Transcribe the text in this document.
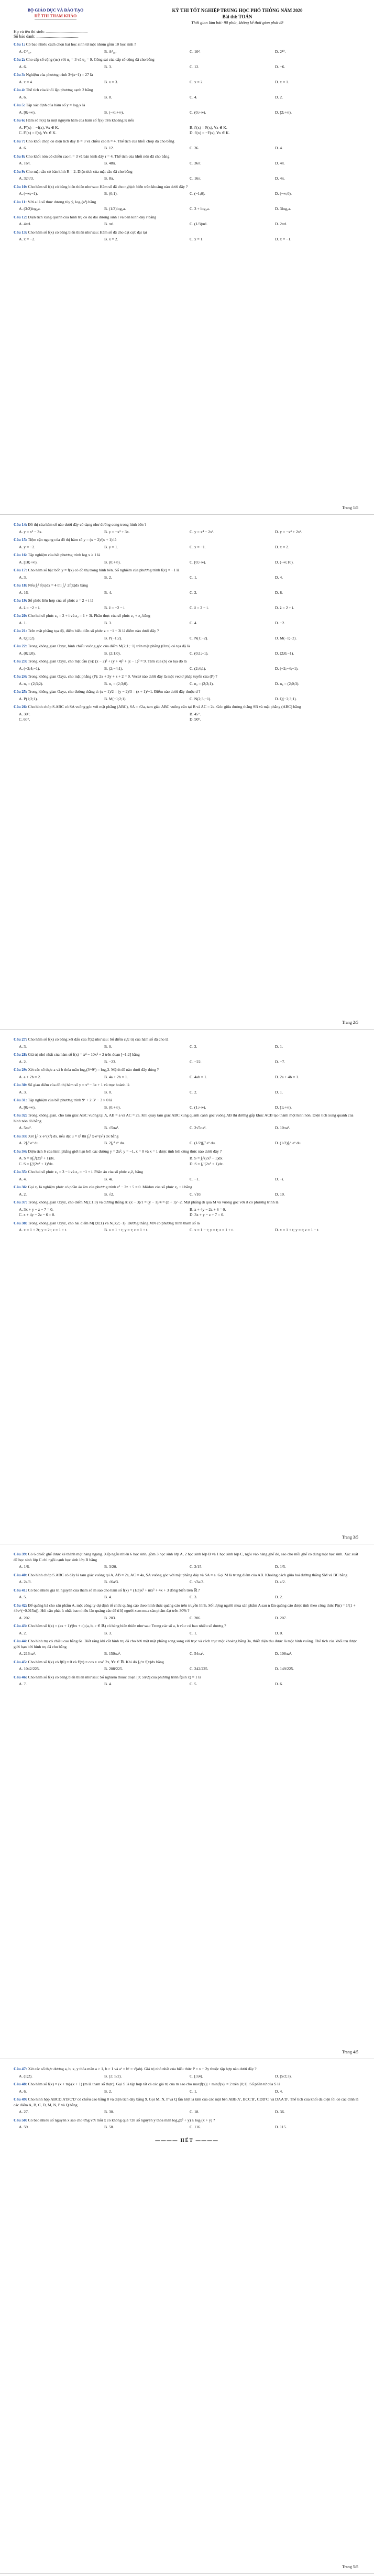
BỘ GIÁO DỤC VÀ ĐÀO TẠO
ĐỀ THI THAM KHẢO
KỲ THI TỐT NGHIỆP TRUNG HỌC PHỔ THÔNG NĂM 2020
Bài thi: TOÁN
Thời gian làm bài: 90 phút, không kể thời gian phát đề
Họ và tên thí sinh: ........................................
Số báo danh: ........................................
Câu 1: Có bao nhiêu cách chọn hai học sinh từ một nhóm gồm 10 học sinh ?
A. C²₁₀.	B. A²₁₀.	C. 10².	D. 2¹⁰.
Câu 2: Cho cấp số cộng (uₙ) với u₁ = 3 và u₂ = 9. Công sai của cấp số cộng đã cho bằng
A. 6.	B. 3.	C. 12.	D. −6.
Câu 3: Nghiệm của phương trình 3^(x−1) = 27 là
A. x = 4.	B. x = 3.	C. x = 2.	D. x = 1.
Câu 4: Thể tích của khối lập phương cạnh 2 bằng
A. 6.	B. 8.	C. 4.	D. 2.
Câu 5: Tập xác định của hàm số y = log₂x là
A. [0;+∞).	B. (−∞;+∞).	C. (0;+∞).	D. [2;+∞).
Câu 6: Hàm số F(x) là một nguyên hàm của hàm số f(x) trên khoảng K nếu
A. F'(x) = −f(x), ∀x ∈ K.	B. f'(x) = F(x), ∀x ∈ K.
C. F'(x) = f(x), ∀x ∈ K.	D. f'(x) = −F(x), ∀x ∈ K.
Câu 7: Cho khối chóp có diện tích đáy B = 3 và chiều cao h = 4. Thể tích của khối chóp đã cho bằng
A. 6.	B. 12.	C. 36.	D. 4.
Câu 8: Cho khối nón có chiều cao h = 3 và bán kính đáy r = 4. Thể tích của khối nón đã cho bằng
A. 16π.	B. 48π.	C. 36π.	D. 4π.
Câu 9: Cho mặt cầu có bán kính R = 2. Diện tích của mặt cầu đã cho bằng
A. 32π/3.	B. 8π.	C. 16π.	D. 4π.
Câu 10: Cho hàm số f(x) có bảng biến thiên như sau: Hàm số đã cho nghịch biến trên khoảng nào dưới đây ?
A. (−∞;−1).	B. (0;1).	C. (−1;0).	D. (−∞;0).
Câu 11: Với a là số thực dương tùy ý, log₂(a³) bằng
A. (3/2)log₂a.	B. (1/3)log₂a.	C. 3 + log₂a.	D. 3log₂a.
Câu 12: Diện tích xung quanh của hình trụ có độ dài đường sinh l và bán kính đáy r bằng
A. 4πrl.	B. πrl.	C. (1/3)πrl.	D. 2πrl.
Câu 13: Cho hàm số f(x) có bảng biến thiên như sau: Hàm số đã cho đạt cực đại tại
A. x = −2.	B. x = 2.	C. x = 1.	D. x = −1.
Trang 1/5
Câu 14: Đồ thị của hàm số nào dưới đây có dạng như đường cong trong hình bên ?
A. y = x³ − 3x.	B. y = −x³ + 3x.	C. y = x⁴ − 2x².	D. y = −x⁴ + 2x².
Câu 15: Tiệm cận ngang của đồ thị hàm số y = (x − 2)/(x + 1) là
A. y = −2.	B. y = 1.	C. x = −1.	D. x = 2.
Câu 16: Tập nghiệm của bất phương trình log x ≥ 1 là
A. [10;+∞).	B. (0;+∞).	C. [0;+∞).	D. (−∞;10).
Câu 17: Cho hàm số bậc bốn y = f(x) có đồ thị trong hình bên. Số nghiệm của phương trình f(x) = −1 là
A. 3.	B. 2.	C. 1.	D. 4.
Câu 18: Nếu ∫₀¹ f(x)dx = 4 thì ∫₀¹ 2f(x)dx bằng
A. 16.	B. 4.	C. 2.	D. 8.
Câu 19: Số phức liên hợp của số phức z = 2 + i là
A. z̄ = −2 + i.	B. z̄ = −2 − i.	C. z̄ = 2 − i.	D. z̄ = 2 + i.
Câu 20: Cho hai số phức z₁ = 2 + i và z₂ = 1 + 3i. Phần thực của số phức z₁ + z₂ bằng
A. 1.	B. 3.	C. 4.	D. −2.
Câu 21: Trên mặt phẳng tọa độ, điểm biểu diễn số phức z = −1 + 2i là điểm nào dưới đây ?
A. Q(1;2).	B. P(−1;2).	C. N(1;−2).	D. M(−1;−2).
Câu 22: Trong không gian Oxyz, hình chiếu vuông góc của điểm M(2;1;−1) trên mặt phẳng (Ozx) có tọa độ là
A. (0;1;0).	B. (2;1;0).	C. (0;1;−1).	D. (2;0;−1).
Câu 23: Trong không gian Oxyz, cho mặt cầu (S): (x − 2)² + (y + 4)² + (z − 1)² = 9. Tâm của (S) có tọa độ là
A. (−2;4;−1).	B. (2;−4;1).	C. (2;4;1).	D. (−2;−4;−1).
Câu 24: Trong không gian Oxyz, cho mặt phẳng (P): 2x + 3y + z + 2 = 0. Vectơ nào dưới đây là một vectơ pháp tuyến của (P) ?
A. n₃ = (2;3;2).	B. n₁ = (2;3;0).	C. n₂ = (2;3;1).	D. n₄ = (2;0;3).
Câu 25: Trong không gian Oxyz, cho đường thẳng d: (x − 1)/2 = (y − 2)/3 = (z + 1)/−1. Điểm nào dưới đây thuộc d ?
A. P(1;2;1).	B. M(−1;2;1).	C. N(2;3;−1).	D. Q(−2;3;1).
Câu 26: Cho hình chóp S.ABC có SA vuông góc với mặt phẳng (ABC), SA = √2a, tam giác ABC vuông cân tại B và AC = 2a. Góc giữa đường thẳng SB và mặt phẳng (ABC) bằng
A. 30°.	B. 45°.
C. 60°.	D. 90°.
Trang 2/5
Câu 27: Cho hàm số f(x) có bảng xét dấu của f'(x) như sau: Số điểm cực trị của hàm số đã cho là
A. 3.	B. 0.	C. 2.	D. 1.
Câu 28: Giá trị nhỏ nhất của hàm số f(x) = x⁴ − 10x² + 2 trên đoạn [−1;2] bằng
A. 2.	B. −23.	C. −22.	D. −7.
Câu 29: Xét các số thực a và b thỏa mãn log₃(3ᵃ·9ᵇ) = log₉3. Mệnh đề nào dưới đây đúng ?
A. a + 2b = 2.	B. 4a + 2b = 1.	C. 4ab = 1.	D. 2a + 4b = 1.
Câu 30: Số giao điểm của đồ thị hàm số y = x³ − 3x + 1 và trục hoành là
A. 3.	B. 0.	C. 2.	D. 1.
Câu 31: Tập nghiệm của bất phương trình 9ˣ + 2·3ˣ − 3 > 0 là
A. [0;+∞).	B. (0;+∞).	C. (1;+∞).	D. [1;+∞).
Câu 32: Trong không gian, cho tam giác ABC vuông tại A, AB = a và AC = 2a. Khi quay tam giác ABC xung quanh cạnh góc vuông AB thì đường gấp khúc ACB tạo thành một hình nón. Diện tích xung quanh của hình nón đó bằng
A. 5πa².	B. √5πa².	C. 2√5πa².	D. 10πa².
Câu 33: Xét ∫₀² x·e^(x²) dx, nếu đặt u = x² thì ∫₀² x·e^(x²) dx bằng
A. 2∫₀² eᵘ du.	B. 2∫₀⁴ eᵘ du.	C. (1/2)∫₀² eᵘ du.	D. (1/2)∫₀⁴ eᵘ du.
Câu 34: Diện tích S của hình phẳng giới hạn bởi các đường y = 2x², y = −1, x = 0 và x = 1 được tính bởi công thức nào dưới đây ?
A. S = π∫₀¹(2x² + 1)dx.	B. S = ∫₀¹(2x² − 1)dx.
C. S = ∫₀¹(2x² + 1)²dx.	D. S = ∫₀¹(2x² + 1)dx.
Câu 35: Cho hai số phức z₁ = 3 − i và z₂ = −1 + i. Phần ảo của số phức z₁z̄₂ bằng
A. 4.	B. 4i.	C. −1.	D. −i.
Câu 36: Gọi z₀ là nghiệm phức có phần ảo âm của phương trình z² − 2z + 5 = 0. Môđun của số phức z₀ + i bằng
A. 2.	B. √2.	C. √10.	D. 10.
Câu 37: Trong không gian Oxyz, cho điểm M(2;1;0) và đường thẳng Δ: (x − 3)/1 = (y − 1)/4 = (z + 1)/−2. Mặt phẳng đi qua M và vuông góc với Δ có phương trình là
A. 3x + y − z − 7 = 0.	B. x + 4y − 2z + 6 = 0.
C. x + 4y − 2z − 6 = 0.	D. 3x + y − z + 7 = 0.
Câu 38: Trong không gian Oxyz, cho hai điểm M(1;0;1) và N(3;2;−1). Đường thẳng MN có phương trình tham số là
A. x = 1 + 2t; y = 2t; z = 1 + t.	B. x = 1 + t; y = t; z = 1 + t.	C. x = 1 − t; y = t; z = 1 + t.	D. x = 1 + t; y = t; z = 1 − t.
Trang 3/5
Câu 39: Có 6 chiếc ghế được kê thành một hàng ngang. Xếp ngẫu nhiên 6 học sinh, gồm 3 học sinh lớp A, 2 học sinh lớp B và 1 học sinh lớp C, ngồi vào hàng ghế đó, sao cho mỗi ghế có đúng một học sinh. Xác suất để học sinh lớp C chỉ ngồi cạnh học sinh lớp B bằng
A. 1/6.	B. 3/20.	C. 2/15.	D. 1/5.
Câu 40: Cho hình chóp S.ABC có đáy là tam giác vuông tại A, AB = 2a, AC = 4a, SA vuông góc với mặt phẳng đáy và SA = a. Gọi M là trung điểm của AB. Khoảng cách giữa hai đường thẳng SM và BC bằng
A. 2a/3.	B. √6a/3.	C. √3a/3.	D. a/2.
Câu 41: Có bao nhiêu giá trị nguyên của tham số m sao cho hàm số f(x) = (1/3)x³ + mx² + 4x + 3 đồng biến trên ℝ ?
A. 5.	B. 4.	C. 3.	D. 2.
Câu 42: Để quảng bá cho sản phẩm A, một công ty dự định tổ chức quảng cáo theo hình thức quảng cáo trên truyền hình. Số lượng người mua sản phẩm A sau n lần quảng cáo được tính theo công thức P(n) = 1/(1 + 49e^(−0.015n)). Hỏi cần phát ít nhất bao nhiêu lần quảng cáo để tỉ lệ người xem mua sản phẩm đạt trên 30% ?
A. 202.	B. 203.	C. 206.	D. 207.
Câu 43: Cho hàm số f(x) = (ax + 1)/(bx + c) (a, b, c ∈ ℝ) có bảng biến thiên như sau: Trong các số a, b và c có bao nhiêu số dương ?
A. 2.	B. 3.	C. 1.	D. 0.
Câu 44: Cho hình trụ có chiều cao bằng 6a. Biết rằng khi cắt hình trụ đã cho bởi một mặt phẳng song song với trục và cách trục một khoảng bằng 3a, thiết diện thu được là một hình vuông. Thể tích của khối trụ được giới hạn bởi hình trụ đã cho bằng
A. 216πa³.	B. 150πa³.	C. 54πa³.	D. 108πa³.
Câu 45: Cho hàm số f(x) có f(0) = 0 và f'(x) = cos x cos² 2x, ∀x ∈ ℝ. Khi đó ∫₀^π f(x)dx bằng
A. 1042/225.	B. 208/225.	C. 242/225.	D. 149/225.
Câu 46: Cho hàm số f(x) có bảng biến thiên như sau: Số nghiệm thuộc đoạn [0; 5π/2] của phương trình f(sin x) = 1 là
A. 7.	B. 4.	C. 5.	D. 6.
Trang 4/5
Câu 47: Xét các số thực dương a, b, x, y thỏa mãn a > 1, b > 1 và aˣ = bʸ = √(ab). Giá trị nhỏ nhất của biểu thức P = x + 2y thuộc tập hợp nào dưới đây ?
A. (1;2).	B. [2; 5/2).	C. [3;4).	D. [5/2;3).
Câu 48: Cho hàm số f(x) = (x + m)/(x + 1) (m là tham số thực). Gọi S là tập hợp tất cả các giá trị của m sao cho max|f(x)| + min|f(x)| = 2 trên [0;1]. Số phần tử của S là
A. 6.	B. 2.	C. 1.	D. 4.
Câu 49: Cho hình hộp ABCD.A'B'C'D' có chiều cao bằng 8 và diện tích đáy bằng 9. Gọi M, N, P và Q lần lượt là tâm của các mặt bên ABB'A', BCC'B', CDD'C' và DAA'D'. Thể tích của khối đa diện lồi có các đỉnh là các điểm A, B, C, D, M, N, P và Q bằng
A. 27.	B. 30.	C. 18.	D. 36.
Câu 50: Có bao nhiêu số nguyên x sao cho ứng với mỗi x có không quá 728 số nguyên y thỏa mãn log₄(x² + y) ≥ log₃(x + y) ?
A. 59.	B. 58.	C. 116.	D. 115.
———— HẾT ————
Trang 5/5
